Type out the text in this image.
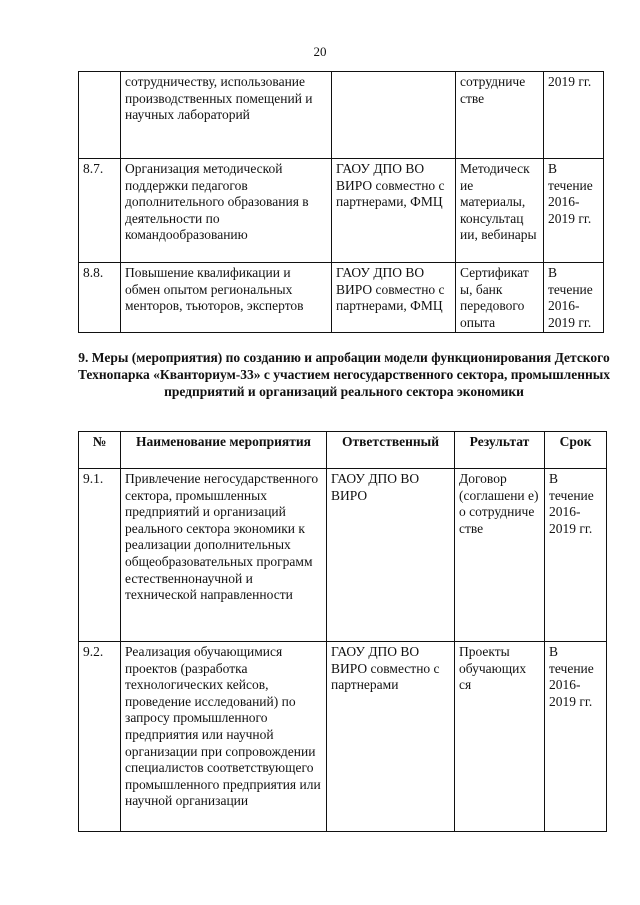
20
	сотрудничеству, использование производственных помещений и научных лабораторий		сотрудниче стве	2019 гг.
8.7.	Организация методической поддержки педагогов дополнительного образования в деятельности по командообразованию	ГАОУ ДПО ВО ВИРО совместно с партнерами, ФМЦ	Методическ ие материалы, консультац ии, вебинары	В течение 2016- 2019 гг.
8.8.	Повышение квалификации и обмен опытом региональных менторов, тьюторов, экспертов	ГАОУ ДПО ВО ВИРО совместно с партнерами, ФМЦ	Сертификат ы, банк передового опыта	В течение 2016- 2019 гг.
9. Меры (мероприятия) по созданию и апробации модели функционирования Детского Технопарка «Кванториум-33» с участием негосударственного сектора, промышленных предприятий и организаций реального сектора экономики
№	Наименование мероприятия	Ответственный	Результат	Срок
9.1.	Привлечение негосударственного сектора, промышленных предприятий и организаций реального сектора экономики к реализации дополнительных общеобразовательных программ естественнонаучной и технической направленности	ГАОУ ДПО ВО ВИРО	Договор (соглашени е) о сотрудниче стве	В течение 2016- 2019 гг.
9.2.	Реализация обучающимися проектов (разработка технологических кейсов, проведение исследований) по запросу промышленного предприятия или научной организации при сопровождении специалистов соответствующего промышленного предприятия или научной организации	ГАОУ ДПО ВО ВИРО совместно с партнерами	Проекты обучающих ся	В течение 2016- 2019 гг.
